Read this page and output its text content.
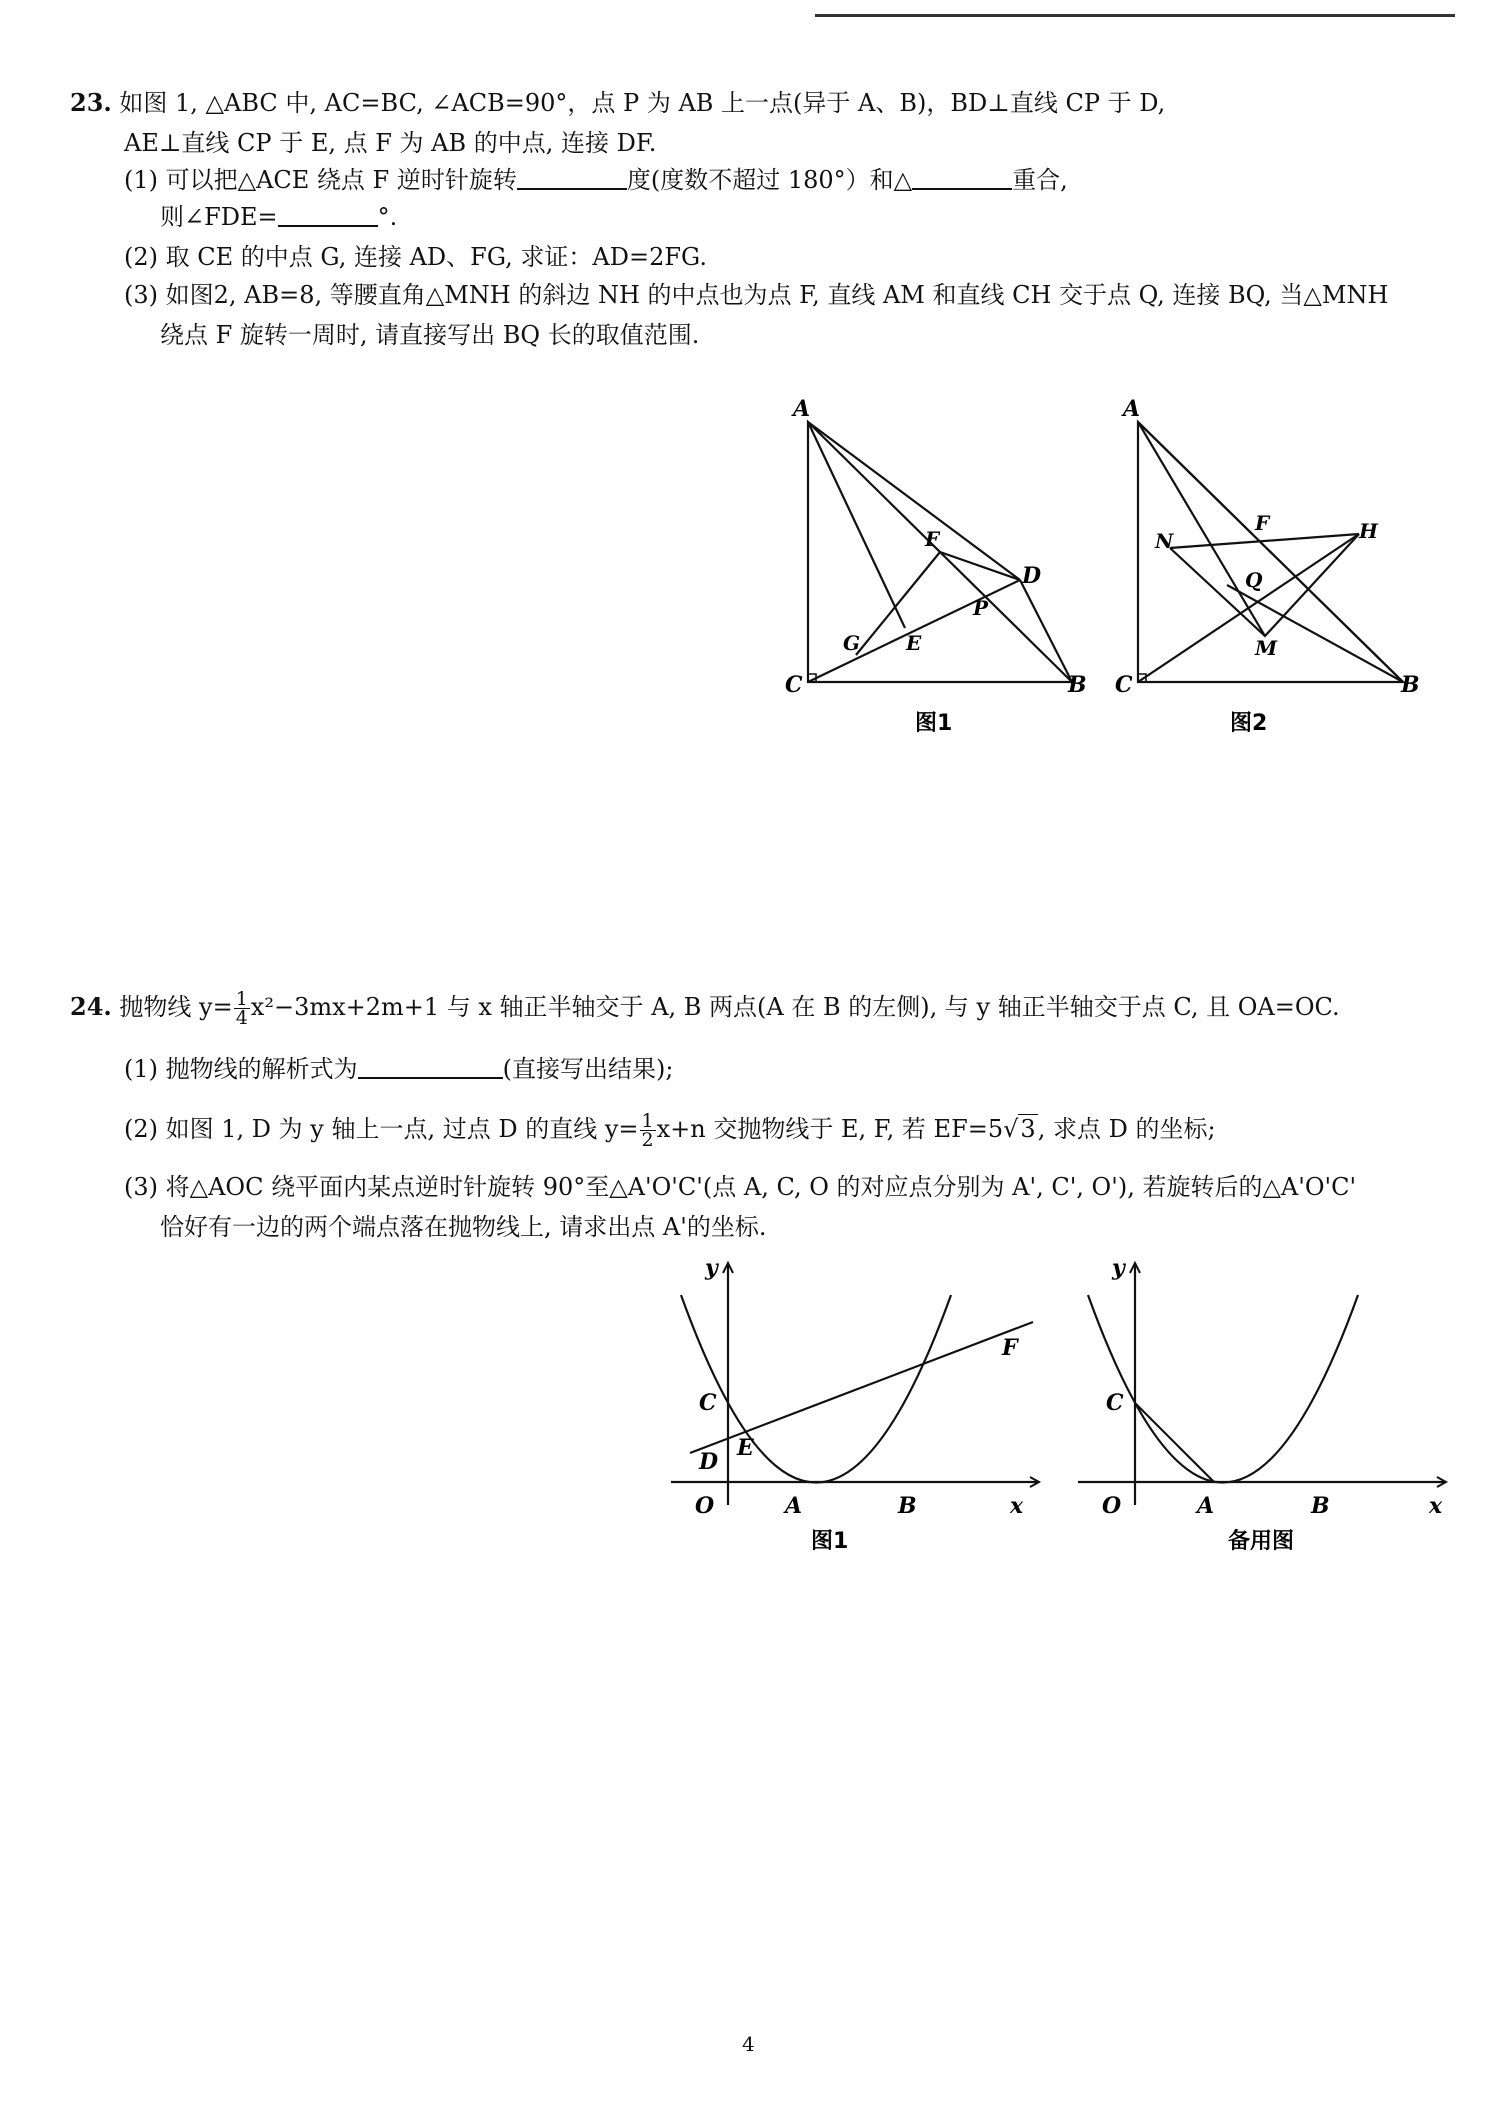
23. 如图 1, △ABC 中, AC=BC, ∠ACB=90°，点 P 为 AB 上一点(异于 A、B)，BD⊥直线 CP 于 D,
AE⊥直线 CP 于 E, 点 F 为 AB 的中点, 连接 DF.
(1) 可以把△ACE 绕点 F 逆时针旋转	度(度数不超过 180°）和△	重合,
则∠FDE=	°.
(2) 取 CE 的中点 G, 连接 AD、FG, 求证：AD=2FG.
(3) 如图2, AB=8, 等腰直角△MNH 的斜边 NH 的中点也为点 F, 直线 AM 和直线 CH 交于点 Q, 连接 BQ, 当△MNH
绕点 F 旋转一周时, 请直接写出 BQ 长的取值范围.
A
C	B
D
E
G
P
F
图1
A
C	B
N	H
F
Q
M
图2
24. 抛物线 $y= \frac{1}{4} x^2-3mx+2m+1$ 与 x 轴正半轴交于 A, B 两点(A 在 B 的左侧), 与 y 轴正半轴交于点 C, 且 OA=OC.
(1) 抛物线的解析式为	(直接写出结果);
(2) 如图 1, D 为 y 轴上一点, 过点 D 的直线 $y= \frac{1}{2} x+n$ 交抛物线于 E, F, 若 EF=5√3, 求点 D 的坐标;
(3) 将△AOC 绕平面内某点逆时针旋转 90°至△A'O'C'(点 A, C, O 的对应点分别为 A', C', O'), 若旋转后的△A'O'C'
恰好有一边的两个端点落在抛物线上, 请求出点 A'的坐标.
y
x
O	A	B
C
D
E
F
图1
y
x
O	A	B
C
备用图
4
